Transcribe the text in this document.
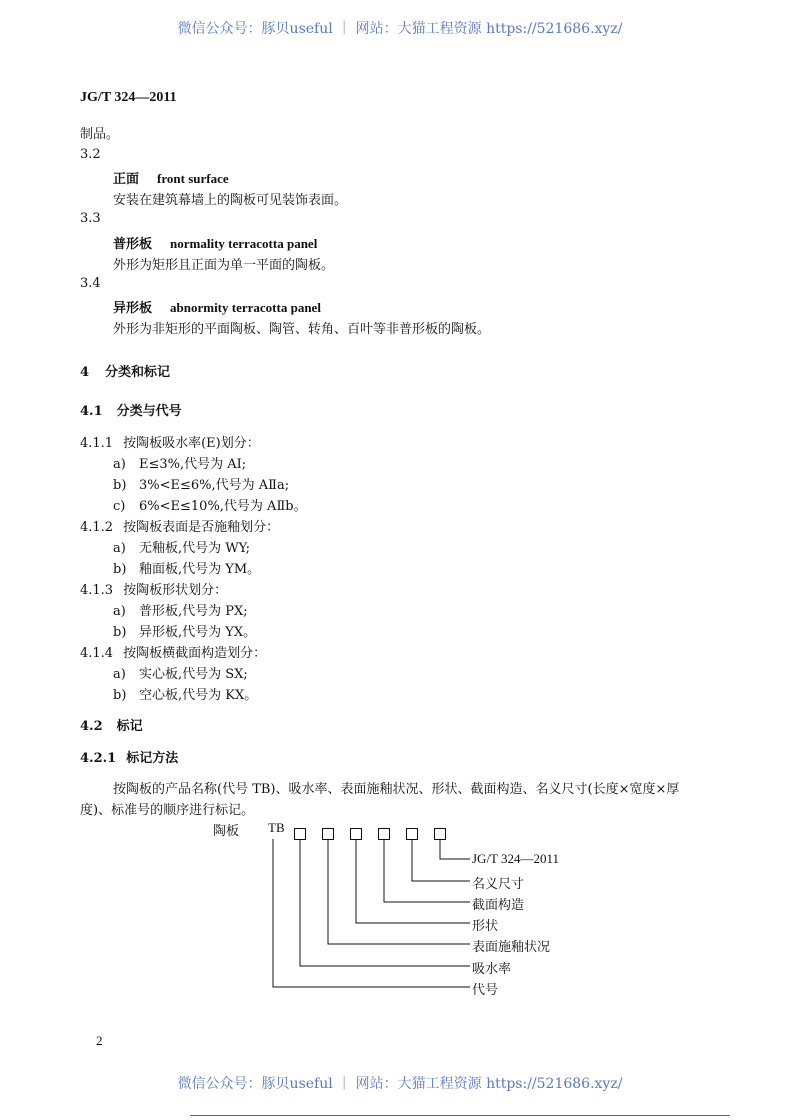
微信公众号：豚贝useful ｜ 网站：大猫工程资源 https://521686.xyz/
JG/T 324—2011
制品。
3.2
正面 front surface
安装在建筑幕墙上的陶板可见装饰表面。
3.3
普形板 normality terracotta panel
外形为矩形且正面为单一平面的陶板。
3.4
异形板 abnormity terracotta panel
外形为非矩形的平面陶板、陶管、转角、百叶等非普形板的陶板。
4 分类和标记
4.1 分类与代号
4.1.1 按陶板吸水率(E)划分：
a) E≤3%,代号为 AⅠ;
b) 3%<E≤6%,代号为 AⅡa;
c) 6%<E≤10%,代号为 AⅡb。
4.1.2 按陶板表面是否施釉划分：
a) 无釉板,代号为 WY;
b) 釉面板,代号为 YM。
4.1.3 按陶板形状划分：
a) 普形板,代号为 PX;
b) 异形板,代号为 YX。
4.1.4 按陶板横截面构造划分：
a) 实心板,代号为 SX;
b) 空心板,代号为 KX。
4.2 标记
4.2.1 标记方法
按陶板的产品名称(代号 TB)、吸水率、表面施釉状况、形状、截面构造、名义尺寸(长度×宽度×厚
度)、标准号的顺序进行标记。
陶板 TB
JG/T 324—2011
名义尺寸
截面构造
形状
表面施釉状况
吸水率
代号
2
微信公众号：豚贝useful ｜ 网站：大猫工程资源 https://521686.xyz/
